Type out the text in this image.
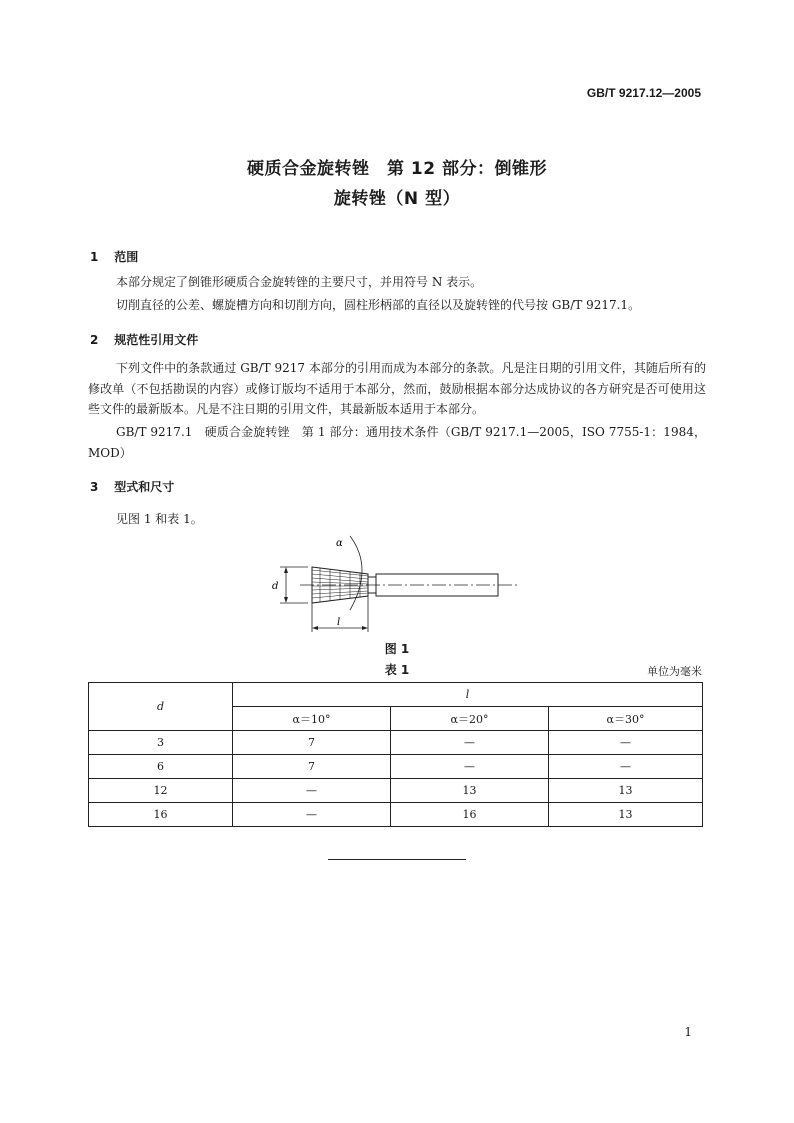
GB/T 9217.12—2005
硬质合金旋转锉　第 12 部分：倒锥形
旋转锉（N 型）
1 范围
本部分规定了倒锥形硬质合金旋转锉的主要尺寸，并用符号 N 表示。
切削直径的公差、螺旋槽方向和切削方向，圆柱形柄部的直径以及旋转锉的代号按 GB/T 9217.1。
2 规范性引用文件
下列文件中的条款通过 GB/T 9217 本部分的引用而成为本部分的条款。凡是注日期的引用文件，其随后所有的修改单（不包括勘误的内容）或修订版均不适用于本部分，然而，鼓励根据本部分达成协议的各方研究是否可使用这些文件的最新版本。凡是不注日期的引用文件，其最新版本适用于本部分。
GB/T 9217.1　硬质合金旋转锉　第 1 部分：通用技术条件（GB/T 9217.1—2005，ISO 7755-1：1984，MOD）
3 型式和尺寸
见图 1 和表 1。
d
α
l
图 1
表 1	单位为毫米
d	l		
	α＝10°	α＝20°	α＝30°
3	7	—	—
6	7	—	—
12	—	13	13
16	—	16	13
1
